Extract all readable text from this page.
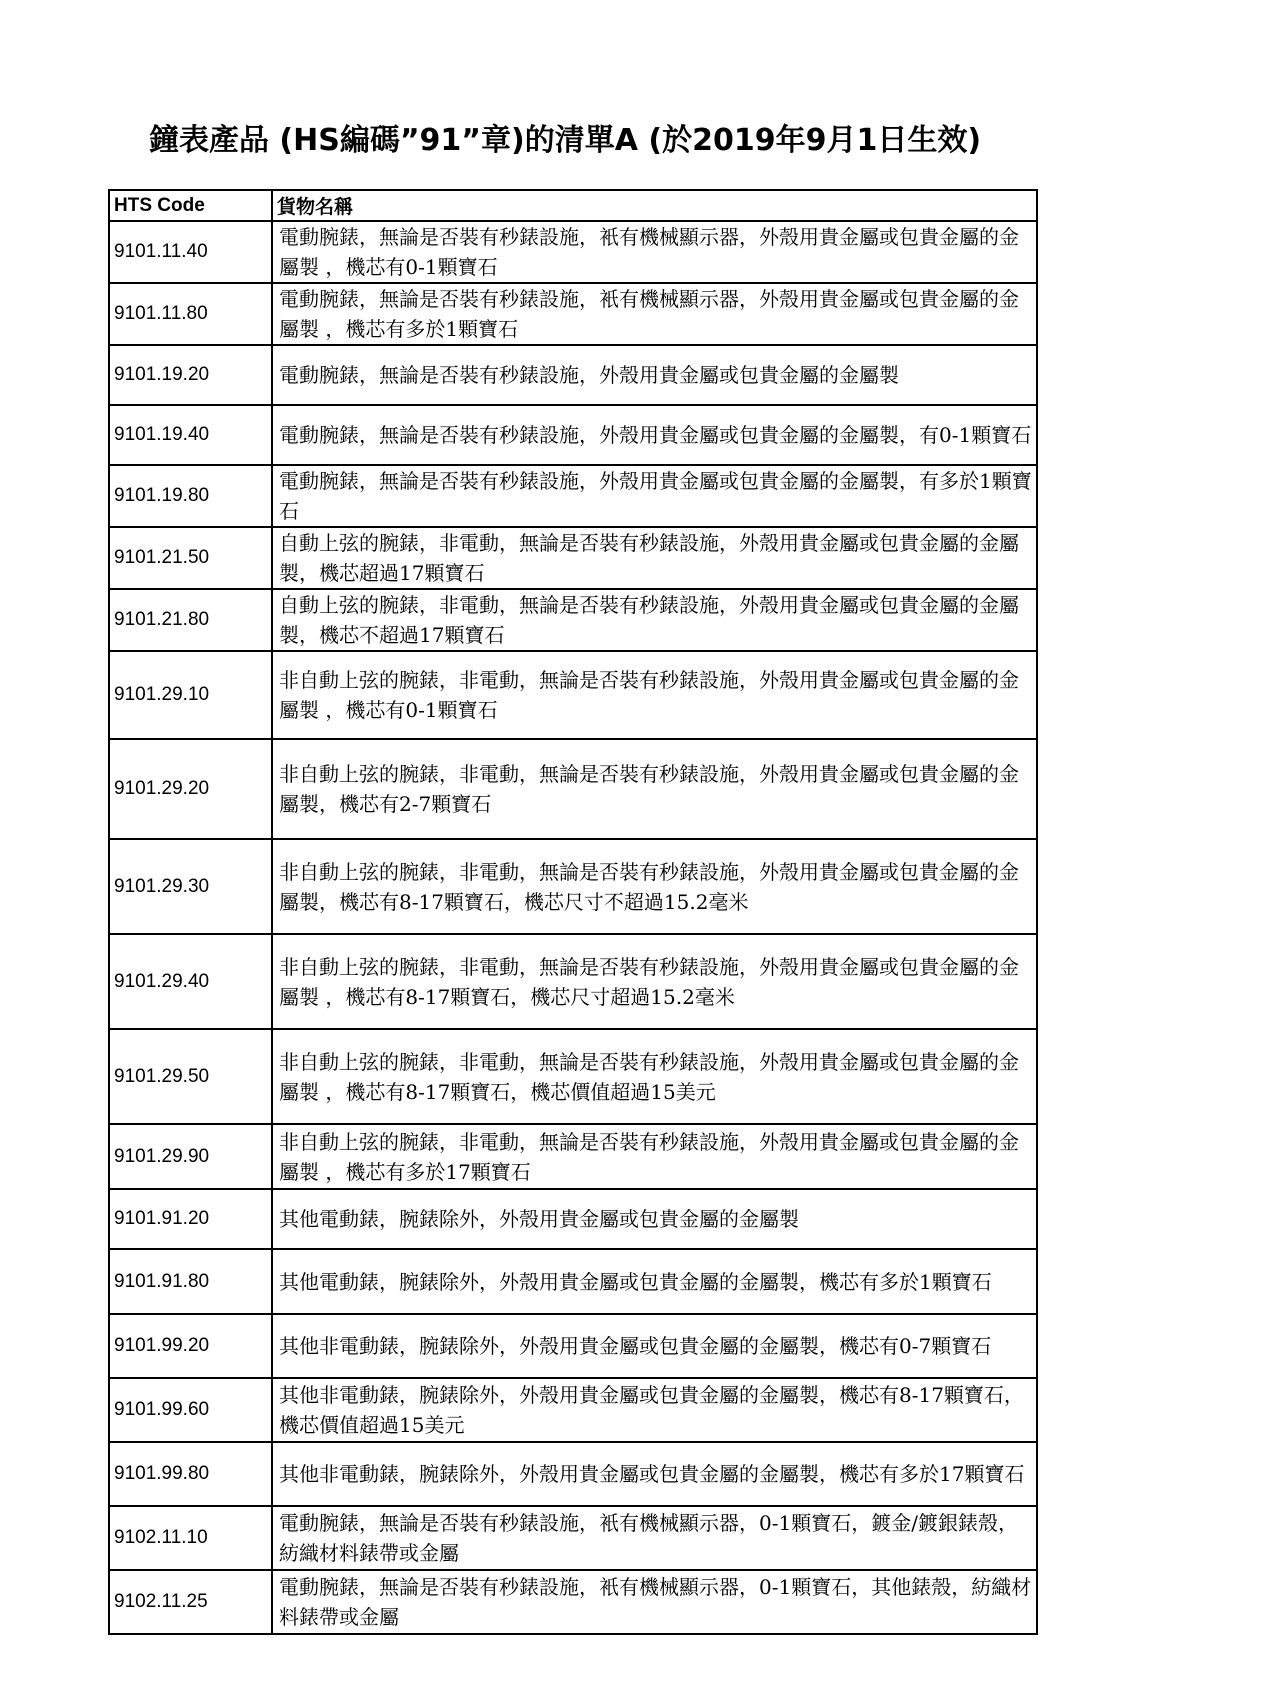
鐘表產品 (HS編碼”91”章)的清單A (於2019年9月1日生效)
HTS Code	貨物名稱
9101.11.40	電動腕錶，無論是否裝有秒錶設施，衹有機械顯示器，外殼用貴金屬或包貴金屬的金屬製 ，機芯有0-1顆寶石
9101.11.80	電動腕錶，無論是否裝有秒錶設施，衹有機械顯示器，外殼用貴金屬或包貴金屬的金屬製 ，機芯有多於1顆寶石
9101.19.20	電動腕錶，無論是否裝有秒錶設施，外殼用貴金屬或包貴金屬的金屬製
9101.19.40	電動腕錶，無論是否裝有秒錶設施，外殼用貴金屬或包貴金屬的金屬製，有0-1顆寶石
9101.19.80	電動腕錶，無論是否裝有秒錶設施，外殼用貴金屬或包貴金屬的金屬製，有多於1顆寶石
9101.21.50	自動上弦的腕錶，非電動，無論是否裝有秒錶設施，外殼用貴金屬或包貴金屬的金屬製，機芯超過17顆寶石
9101.21.80	自動上弦的腕錶，非電動，無論是否裝有秒錶設施，外殼用貴金屬或包貴金屬的金屬製，機芯不超過17顆寶石
9101.29.10	非自動上弦的腕錶，非電動，無論是否裝有秒錶設施，外殼用貴金屬或包貴金屬的金屬製 ，機芯有0-1顆寶石
9101.29.20	非自動上弦的腕錶，非電動，無論是否裝有秒錶設施，外殼用貴金屬或包貴金屬的金屬製，機芯有2-7顆寶石
9101.29.30	非自動上弦的腕錶，非電動，無論是否裝有秒錶設施，外殼用貴金屬或包貴金屬的金屬製，機芯有8-17顆寶石，機芯尺寸不超過15.2毫米
9101.29.40	非自動上弦的腕錶，非電動，無論是否裝有秒錶設施，外殼用貴金屬或包貴金屬的金屬製 ，機芯有8-17顆寶石，機芯尺寸超過15.2毫米
9101.29.50	非自動上弦的腕錶，非電動，無論是否裝有秒錶設施，外殼用貴金屬或包貴金屬的金屬製 ，機芯有8-17顆寶石，機芯價值超過15美元
9101.29.90	非自動上弦的腕錶，非電動，無論是否裝有秒錶設施，外殼用貴金屬或包貴金屬的金屬製 ，機芯有多於17顆寶石
9101.91.20	其他電動錶，腕錶除外，外殼用貴金屬或包貴金屬的金屬製
9101.91.80	其他電動錶，腕錶除外，外殼用貴金屬或包貴金屬的金屬製，機芯有多於1顆寶石
9101.99.20	其他非電動錶，腕錶除外，外殼用貴金屬或包貴金屬的金屬製，機芯有0-7顆寶石
9101.99.60	其他非電動錶，腕錶除外，外殼用貴金屬或包貴金屬的金屬製，機芯有8-17顆寶石，機芯價值超過15美元
9101.99.80	其他非電動錶，腕錶除外，外殼用貴金屬或包貴金屬的金屬製，機芯有多於17顆寶石
9102.11.10	電動腕錶，無論是否裝有秒錶設施，衹有機械顯示器，0-1顆寶石，鍍金/鍍銀錶殼，紡織材料錶帶或金屬
9102.11.25	電動腕錶，無論是否裝有秒錶設施，衹有機械顯示器，0-1顆寶石，其他錶殼，紡織材料錶帶或金屬
